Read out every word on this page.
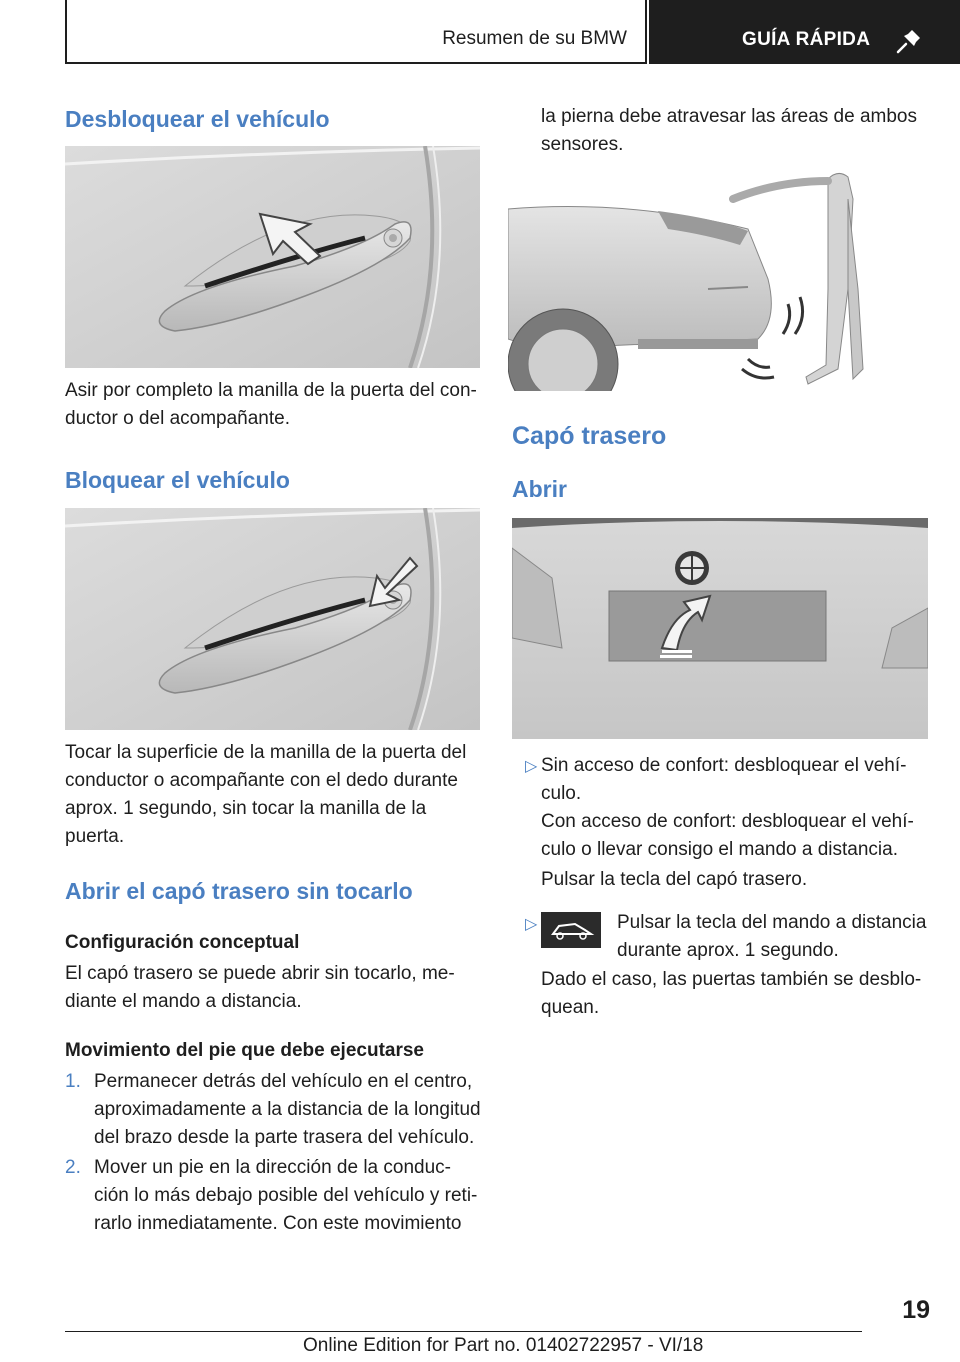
Resumen de su BMW	GUÍA RÁPIDA
Desbloquear el vehículo

Asir por completo la manilla de la puerta del con-
ductor o del acompañante.

Bloquear el vehículo

Tocar la superficie de la manilla de la puerta del
conductor o acompañante con el dedo durante
aprox. 1 segundo, sin tocar la manilla de la
puerta.

Abrir el capó trasero sin tocarlo
Configuración conceptual

El capó trasero se puede abrir sin tocarlo, me-
diante el mando a distancia.

Movimiento del pie que debe ejecutarse
1. Permanecer detrás del vehículo en el centro,
aproximadamente a la distancia de la longitud
del brazo desde la parte trasera del vehículo.

2. Mover un pie en la dirección de la conduc-
ción lo más debajo posible del vehículo y reti-
rarlo inmediatamente. Con este movimiento

la pierna debe atravesar las áreas de ambos
sensores.

Capó trasero
Abrir
▷ Sin acceso de confort: desbloquear el vehí-
culo.

Con acceso de confort: desbloquear el vehí-
culo o llevar consigo el mando a distancia.

Pulsar la tecla del capó trasero.

▷	Pulsar la tecla del mando a distancia
durante aprox. 1 segundo.

Dado el caso, las puertas también se desblo-
quean.

19
Online Edition for Part no. 01402722957 - VI/18
